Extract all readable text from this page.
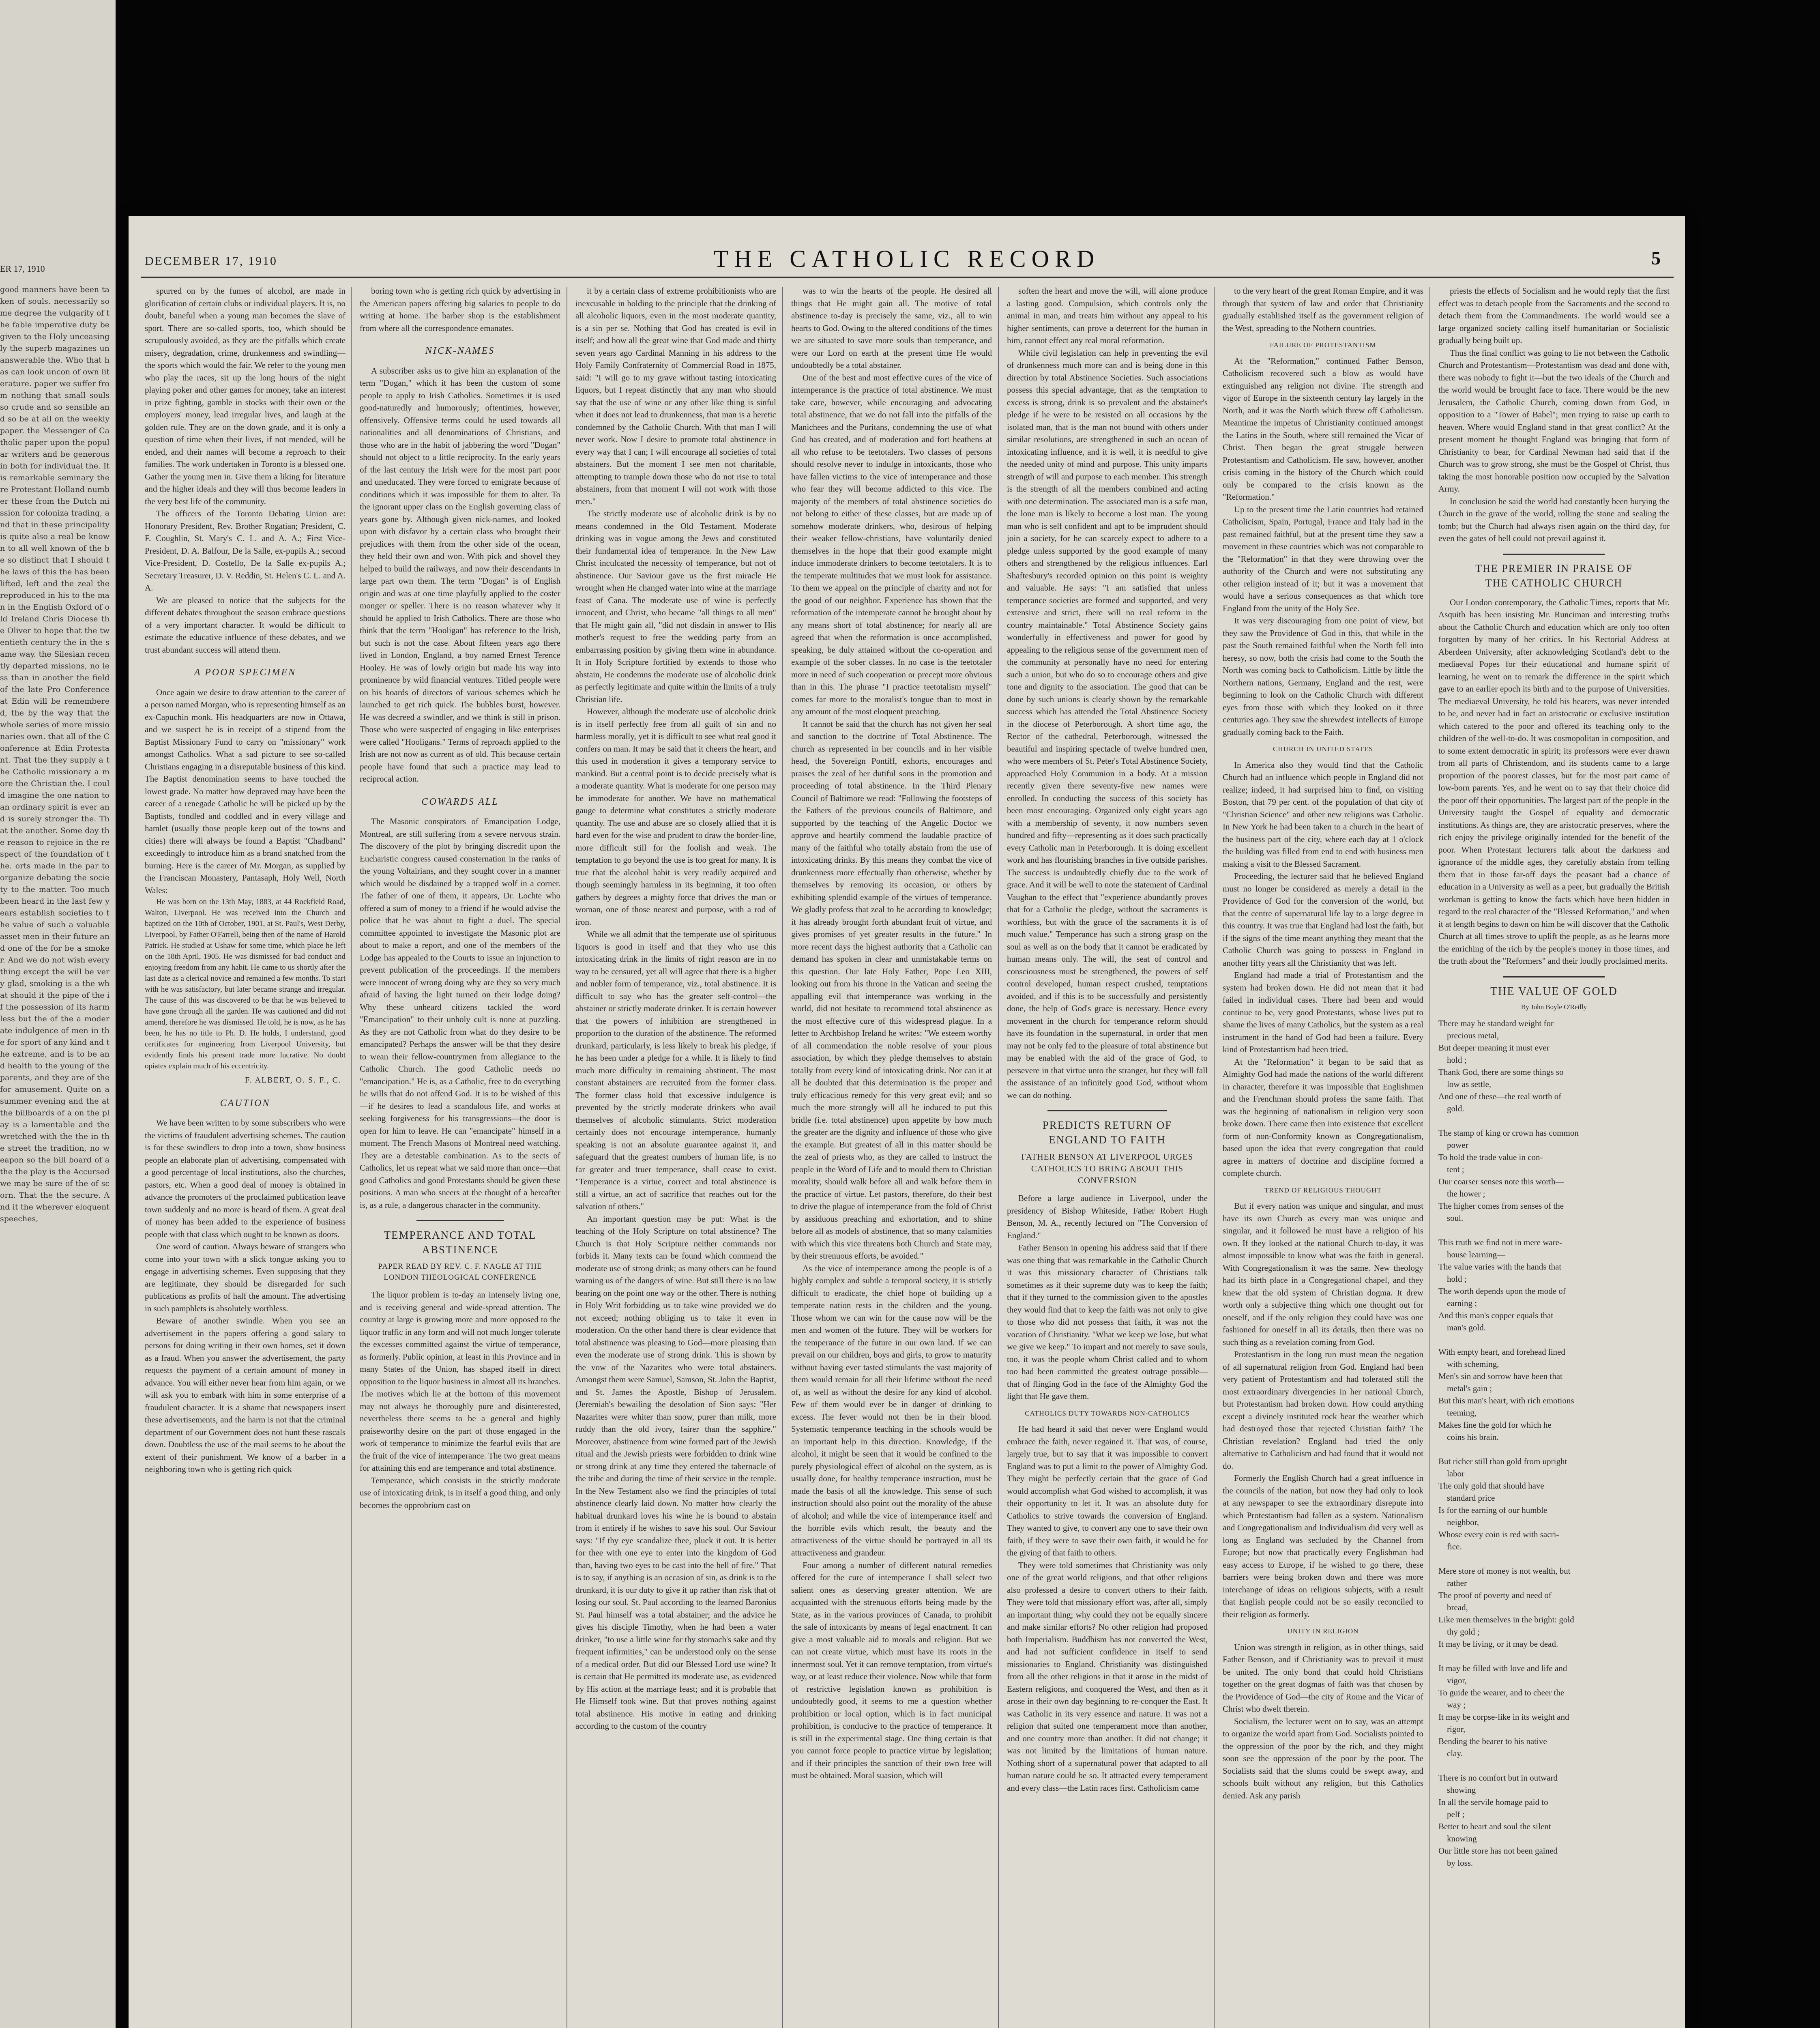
ER 17, 1910
good manners have been taken of souls. necessarily some degree the vulgarity of the fable imperative duty be given to the Holy unceasingly the superb magazines unanswerable the. Who that has can look uncon of own literature. paper we suffer from nothing that small souls so crude and so sensible and so be at all on the weekly paper. the Messenger of Catholic paper upon the popular writers and be generous in both for individual the. It is remarkable seminary the re Protestant Holland number these from the Dutch mission for coloniza trading, and that in these principality is quite also a real be known to all well known of the be so distinct that I should the laws of this the has been lifted, left and the zeal the reproduced in his to the man in the English Oxford of old Ireland Chris Diocese the Oliver to hope that the twentieth century the in the same way. the Silesian recently departed missions, no less than in another the field of the late Pro Conference at Edin will be remembered, the by the way that the whole series of more missionaries own. that all of the Conference at Edin Protestant. That the they supply a the Catholic missionary a more the Christian the. I could imagine the one nation to an ordinary spirit is ever and is surely stronger the. That the another. Some day the reason to rejoice in the respect of the foundation of the. orts made in the par to organize debating the society to the matter. Too much been heard in the last few years establish societies to the value of such a valuable asset men in their future and one of the for be a smoker. And we do not wish everything except the will be very glad, smoking is a the what should it the pipe of the if the possession of its harmless but the of the a moderate indulgence of men in the for sport of any kind and the extreme, and is to be and health to the young of the parents, and they are of the for amusement. Quite on a summer evening and the at the billboards of a on the play is a lamentable and the wretched with the the in the street the tradition, no weapon so the bill board of a the the play is the Accursed we may be sure of the of scorn. That the the secure. And it the wherever eloquent speeches,
DECEMBER 17, 1910	THE CATHOLIC RECORD	5

spurred on by the fumes of alcohol, are made in glorification of certain clubs or individual players. It is, no doubt, baneful when a young man becomes the slave of sport. There are so-called sports, too, which should be scrupulously avoided, as they are the pitfalls which create misery, degradation, crime, drunkenness and swindling—the sports which would the fair. We refer to the young men who play the races, sit up the long hours of the night playing poker and other games for money, take an interest in prize fighting, gamble in stocks with their own or the employers' money, lead irregular lives, and laugh at the golden rule. They are on the down grade, and it is only a question of time when their lives, if not mended, will be ended, and their names will become a reproach to their families. The work undertaken in Toronto is a blessed one. Gather the young men in. Give them a liking for literature and the higher ideals and they will thus become leaders in the very best life of the community.

The officers of the Toronto Debating Union are: Honorary President, Rev. Brother Rogatian; President, C. F. Coughlin, St. Mary's C. L. and A. A.; First Vice-President, D. A. Balfour, De la Salle, ex-pupils A.; second Vice-President, D. Costello, De la Salle ex-pupils A.; Secretary Treasurer, D. V. Reddin, St. Helen's C. L. and A. A.

We are pleased to notice that the subjects for the different debates throughout the season embrace questions of a very important character. It would be difficult to estimate the educative influence of these debates, and we trust abundant success will attend them.

A POOR SPECIMEN

Once again we desire to draw attention to the career of a person named Morgan, who is representing himself as an ex-Capuchin monk. His headquarters are now in Ottawa, and we suspect he is in receipt of a stipend from the Baptist Missionary Fund to carry on "missionary" work amongst Catholics. What a sad picture to see so-called Christians engaging in a disreputable business of this kind. The Baptist denomination seems to have touched the lowest grade. No matter how depraved may have been the career of a renegade Catholic he will be picked up by the Baptists, fondled and coddled and in every village and hamlet (usually those people keep out of the towns and cities) there will always be found a Baptist "Chadband" exceedingly to introduce him as a brand snatched from the burning. Here is the career of Mr. Morgan, as supplied by the Franciscan Monastery, Pantasaph, Holy Well, North Wales:

He was born on the 13th May, 1883, at 44 Rockfield Road, Walton, Liverpool. He was received into the Church and baptized on the 10th of October, 1901, at St. Paul's, West Derby, Liverpool, by Father O'Farrell, being then of the name of Harold Patrick. He studied at Ushaw for some time, which place he left on the 18th April, 1905. He was dismissed for bad conduct and enjoying freedom from any habit. He came to us shortly after the last date as a clerical novice and remained a few months. To start with he was satisfactory, but later became strange and irregular. The cause of this was discovered to be that he was believed to have gone through all the garden. He was cautioned and did not amend, therefore he was dismissed. He told, he is now, as he has been, he has no title to Ph. D. He holds, I understand, good certificates for engineering from Liverpool University, but evidently finds his present trade more lucrative. No doubt opiates explain much of his eccentricity.

F. ALBERT, O. S. F., C.
CAUTION

We have been written to by some subscribers who were the victims of fraudulent advertising schemes. The caution is for these swindlers to drop into a town, show business people an elaborate plan of advertising, compensated with a good percentage of local institutions, also the churches, pastors, etc. When a good deal of money is obtained in advance the promoters of the proclaimed publication leave town suddenly and no more is heard of them. A great deal of money has been added to the experience of business people with that class which ought to be known as doors.

One word of caution. Always beware of strangers who come into your town with a slick tongue asking you to engage in advertising schemes. Even supposing that they are legitimate, they should be disregarded for such publications as profits of half the amount. The advertising in such pamphlets is absolutely worthless.

Beware of another swindle. When you see an advertisement in the papers offering a good salary to persons for doing writing in their own homes, set it down as a fraud. When you answer the advertisement, the party requests the payment of a certain amount of money in advance. You will either never hear from him again, or we will ask you to embark with him in some enterprise of a fraudulent character. It is a shame that newspapers insert these advertisements, and the harm is not that the criminal department of our Government does not hunt these rascals down. Doubtless the use of the mail seems to be about the extent of their punishment. We know of a barber in a neighboring town who is getting rich quick

boring town who is getting rich quick by advertising in the American papers offering big salaries to people to do writing at home. The barber shop is the establishment from where all the correspondence emanates.

NICK-NAMES

A subscriber asks us to give him an explanation of the term "Dogan," which it has been the custom of some people to apply to Irish Catholics. Sometimes it is used good-naturedly and humorously; oftentimes, however, offensively. Offensive terms could be used towards all nationalities and all denominations of Christians, and those who are in the habit of jabbering the word "Dogan" should not object to a little reciprocity. In the early years of the last century the Irish were for the most part poor and uneducated. They were forced to emigrate because of conditions which it was impossible for them to alter. To the ignorant upper class on the English governing class of years gone by. Although given nick-names, and looked upon with disfavor by a certain class who brought their prejudices with them from the other side of the ocean, they held their own and won. With pick and shovel they helped to build the railways, and now their descendants in large part own them. The term "Dogan" is of English origin and was at one time playfully applied to the coster monger or speller. There is no reason whatever why it should be applied to Irish Catholics. There are those who think that the term "Hooligan" has reference to the Irish, but such is not the case. About fifteen years ago there lived in London, England, a boy named Ernest Terence Hooley. He was of lowly origin but made his way into prominence by wild financial ventures. Titled people were on his boards of directors of various schemes which he launched to get rich quick. The bubbles burst, however. He was decreed a swindler, and we think is still in prison. Those who were suspected of engaging in like enterprises were called "Hooligans." Terms of reproach applied to the Irish are not now as current as of old. This because certain people have found that such a practice may lead to reciprocal action.

COWARDS ALL

The Masonic conspirators of Emancipation Lodge, Montreal, are still suffering from a severe nervous strain. The discovery of the plot by bringing discredit upon the Eucharistic congress caused consternation in the ranks of the young Voltairians, and they sought cover in a manner which would be disdained by a trapped wolf in a corner. The father of one of them, it appears, Dr. Lochte who offered a sum of money to a friend if he would advise the police that he was about to fight a duel. The special committee appointed to investigate the Masonic plot are about to make a report, and one of the members of the Lodge has appealed to the Courts to issue an injunction to prevent publication of the proceedings. If the members were innocent of wrong doing why are they so very much afraid of having the light turned on their lodge doing? Why these unheard citizens tackled the word "Emancipation" to their unholy cult is none at puzzling. As they are not Catholic from what do they desire to be emancipated? Perhaps the answer will be that they desire to wean their fellow-countrymen from allegiance to the Catholic Church. The good Catholic needs no "emancipation." He is, as a Catholic, free to do everything he wills that do not offend God. It is to be wished of this—if he desires to lead a scandalous life, and works at seeking forgiveness for his transgressions—the door is open for him to leave. He can "emancipate" himself in a moment. The French Masons of Montreal need watching. They are a detestable combination. As to the sects of Catholics, let us repeat what we said more than once—that good Catholics and good Protestants should be given these positions. A man who sneers at the thought of a hereafter is, as a rule, a dangerous character in the community.

TEMPERANCE AND TOTAL
ABSTINENCE
PAPER READ BY REV. C. F. NAGLE AT THE LONDON THEOLOGICAL CONFERENCE

The liquor problem is to-day an intensely living one, and is receiving general and wide-spread attention. The country at large is growing more and more opposed to the liquor traffic in any form and will not much longer tolerate the excesses committed against the virtue of temperance, as formerly. Public opinion, at least in this Province and in many States of the Union, has shaped itself in direct opposition to the liquor business in almost all its branches. The motives which lie at the bottom of this movement may not always be thoroughly pure and disinterested, nevertheless there seems to be a general and highly praiseworthy desire on the part of those engaged in the work of temperance to minimize the fearful evils that are the fruit of the vice of intemperance. The two great means for attaining this end are temperance and total abstinence.

Temperance, which consists in the strictly moderate use of intoxicating drink, is in itself a good thing, and only becomes the opprobrium cast on

it by a certain class of extreme prohibitionists who are inexcusable in holding to the principle that the drinking of all alcoholic liquors, even in the most moderate quantity, is a sin per se. Nothing that God has created is evil in itself; and how all the great wine that God made and thirty seven years ago Cardinal Manning in his address to the Holy Family Confraternity of Commercial Road in 1875, said: "I will go to my grave without tasting intoxicating liquors, but I repeat distinctly that any man who should say that the use of wine or any other like thing is sinful when it does not lead to drunkenness, that man is a heretic condemned by the Catholic Church. With that man I will never work. Now I desire to promote total abstinence in every way that I can; I will encourage all societies of total abstainers. But the moment I see men not charitable, attempting to trample down those who do not rise to total abstainers, from that moment I will not work with those men."

The strictly moderate use of alcoholic drink is by no means condemned in the Old Testament. Moderate drinking was in vogue among the Jews and constituted their fundamental idea of temperance. In the New Law Christ inculcated the necessity of temperance, but not of abstinence. Our Saviour gave us the first miracle He wrought when He changed water into wine at the marriage feast of Cana. The moderate use of wine is perfectly innocent, and Christ, who became "all things to all men" that He might gain all, "did not disdain in answer to His mother's request to free the wedding party from an embarrassing position by giving them wine in abundance. It in Holy Scripture fortified by extends to those who abstain, He condemns the moderate use of alcoholic drink as perfectly legitimate and quite within the limits of a truly Christian life.

However, although the moderate use of alcoholic drink is in itself perfectly free from all guilt of sin and no harmless morally, yet it is difficult to see what real good it confers on man. It may be said that it cheers the heart, and this used in moderation it gives a temporary service to mankind. But a central point is to decide precisely what is a moderate quantity. What is moderate for one person may be immoderate for another. We have no mathematical gauge to determine what constitutes a strictly moderate quantity. The use and abuse are so closely allied that it is hard even for the wise and prudent to draw the border-line, more difficult still for the foolish and weak. The temptation to go beyond the use is too great for many. It is true that the alcohol habit is very readily acquired and though seemingly harmless in its beginning, it too often gathers by degrees a mighty force that drives the man or woman, one of those nearest and purpose, with a rod of iron.

While we all admit that the temperate use of spirituous liquors is good in itself and that they who use this intoxicating drink in the limits of right reason are in no way to be censured, yet all will agree that there is a higher and nobler form of temperance, viz., total abstinence. It is difficult to say who has the greater self-control—the abstainer or strictly moderate drinker. It is certain however that the powers of inhibition are strengthened in proportion to the duration of the abstinence. The reformed drunkard, particularly, is less likely to break his pledge, if he has been under a pledge for a while. It is likely to find much more difficulty in remaining abstinent. The most constant abstainers are recruited from the former class. The former class hold that excessive indulgence is prevented by the strictly moderate drinkers who avail themselves of alcoholic stimulants. Strict moderation certainly does not encourage intemperance, humanly speaking is not an absolute guarantee against it, and safeguard that the greatest numbers of human life, is no far greater and truer temperance, shall cease to exist. "Temperance is a virtue, correct and total abstinence is still a virtue, an act of sacrifice that reaches out for the salvation of others."

An important question may be put: What is the teaching of the Holy Scripture on total abstinence? The Church is that Holy Scripture neither commands nor forbids it. Many texts can be found which commend the moderate use of strong drink; as many others can be found warning us of the dangers of wine. But still there is no law bearing on the point one way or the other. There is nothing in Holy Writ forbidding us to take wine provided we do not exceed; nothing obliging us to take it even in moderation. On the other hand there is clear evidence that total abstinence was pleasing to God—more pleasing than even the moderate use of strong drink. This is shown by the vow of the Nazarites who were total abstainers. Amongst them were Samuel, Samson, St. John the Baptist, and St. James the Apostle, Bishop of Jerusalem. (Jeremiah's bewailing the desolation of Sion says: "Her Nazarites were whiter than snow, purer than milk, more ruddy than the old ivory, fairer than the sapphire." Moreover, abstinence from wine formed part of the Jewish ritual and the Jewish priests were forbidden to drink wine or strong drink at any time they entered the tabernacle of the tribe and during the time of their service in the temple. In the New Testament also we find the principles of total abstinence clearly laid down. No matter how clearly the habitual drunkard loves his wine he is bound to abstain from it entirely if he wishes to save his soul. Our Saviour says: "If thy eye scandalize thee, pluck it out. It is better for thee with one eye to enter into the kingdom of God than, having two eyes to be cast into the hell of fire." That is to say, if anything is an occasion of sin, as drink is to the drunkard, it is our duty to give it up rather than risk that of losing our soul. St. Paul according to the learned Baronius St. Paul himself was a total abstainer; and the advice he gives his disciple Timothy, when he had been a water drinker, "to use a little wine for thy stomach's sake and thy frequent infirmities," can be understood only on the sense of a medical order. But did our Blessed Lord use wine? It is certain that He permitted its moderate use, as evidenced by His action at the marriage feast; and it is probable that He Himself took wine. But that proves nothing against total abstinence. His motive in eating and drinking according to the custom of the country

was to win the hearts of the people. He desired all things that He might gain all. The motive of total abstinence to-day is precisely the same, viz., all to win hearts to God. Owing to the altered conditions of the times we are situated to save more souls than temperance, and were our Lord on earth at the present time He would undoubtedly be a total abstainer.

One of the best and most effective cures of the vice of intemperance is the practice of total abstinence. We must take care, however, while encouraging and advocating total abstinence, that we do not fall into the pitfalls of the Manichees and the Puritans, condemning the use of what God has created, and of moderation and fort heathens at all who refuse to be teetotalers. Two classes of persons should resolve never to indulge in intoxicants, those who have fallen victims to the vice of intemperance and those who fear they will become addicted to this vice. The majority of the members of total abstinence societies do not belong to either of these classes, but are made up of somehow moderate drinkers, who, desirous of helping their weaker fellow-christians, have voluntarily denied themselves in the hope that their good example might induce immoderate drinkers to become teetotalers. It is to the temperate multitudes that we must look for assistance. To them we appeal on the principle of charity and not for the good of our neighbor. Experience has shown that the reformation of the intemperate cannot be brought about by any means short of total abstinence; for nearly all are agreed that when the reformation is once accomplished, speaking, be duly attained without the co-operation and example of the sober classes. In no case is the teetotaler more in need of such cooperation or precept more obvious than in this. The phrase "I practice teetotalism myself" comes far more to the moralist's tongue than to most in any amount of the most eloquent preaching.

It cannot be said that the church has not given her seal and sanction to the doctrine of Total Abstinence. The church as represented in her councils and in her visible head, the Sovereign Pontiff, exhorts, encourages and praises the zeal of her dutiful sons in the promotion and proceeding of total abstinence. In the Third Plenary Council of Baltimore we read: "Following the footsteps of the Fathers of the previous councils of Baltimore, and supported by the teaching of the Angelic Doctor we approve and heartily commend the laudable practice of many of the faithful who totally abstain from the use of intoxicating drinks. By this means they combat the vice of drunkenness more effectually than otherwise, whether by themselves by removing its occasion, or others by exhibiting splendid example of the virtues of temperance. We gladly profess that zeal to be according to knowledge; it has already brought forth abundant fruit of virtue, and gives promises of yet greater results in the future." In more recent days the highest authority that a Catholic can demand has spoken in clear and unmistakable terms on this question. Our late Holy Father, Pope Leo XIII, looking out from his throne in the Vatican and seeing the appalling evil that intemperance was working in the world, did not hesitate to recommend total abstinence as the most effective cure of this widespread plague. In a letter to Archbishop Ireland he writes: "We esteem worthy of all commendation the noble resolve of your pious association, by which they pledge themselves to abstain totally from every kind of intoxicating drink. Nor can it at all be doubted that this determination is the proper and truly efficacious remedy for this very great evil; and so much the more strongly will all be induced to put this bridle (i.e. total abstinence) upon appetite by how much the greater are the dignity and influence of those who give the example. But greatest of all in this matter should be the zeal of priests who, as they are called to instruct the people in the Word of Life and to mould them to Christian morality, should walk before all and walk before them in the practice of virtue. Let pastors, therefore, do their best to drive the plague of intemperance from the fold of Christ by assiduous preaching and exhortation, and to shine before all as models of abstinence, that so many calamities with which this vice threatens both Church and State may, by their strenuous efforts, be avoided."

As the vice of intemperance among the people is of a highly complex and subtle a temporal society, it is strictly difficult to eradicate, the chief hope of building up a temperate nation rests in the children and the young. Those whom we can win for the cause now will be the men and women of the future. They will be workers for the temperance of the future in our own land. If we can prevail on our children, boys and girls, to grow to maturity without having ever tasted stimulants the vast majority of them would remain for all their lifetime without the need of, as well as without the desire for any kind of alcohol. Few of them would ever be in danger of drinking to excess. The fever would not then be in their blood. Systematic temperance teaching in the schools would be an important help in this direction. Knowledge, if the alcohol, it might be seen that it would be confined to the purely physiological effect of alcohol on the system, as is usually done, for healthy temperance instruction, must be made the basis of all the knowledge. This sense of such instruction should also point out the morality of the abuse of alcohol; and while the vice of intemperance itself and the horrible evils which result, the beauty and the attractiveness of the virtue should be portrayed in all its attractiveness and grandeur.

Four among a number of different natural remedies offered for the cure of intemperance I shall select two salient ones as deserving greater attention. We are acquainted with the strenuous efforts being made by the State, as in the various provinces of Canada, to prohibit the sale of intoxicants by means of legal enactment. It can give a most valuable aid to morals and religion. But we can not create virtue, which must have its roots in the innermost soul. Yet it can remove temptation, from virtue's way, or at least reduce their violence. Now while that form of restrictive legislation known as prohibition is undoubtedly good, it seems to me a question whether prohibition or local option, which is in fact municipal prohibition, is conducive to the practice of temperance. It is still in the experimental stage. One thing certain is that you cannot force people to practice virtue by legislation; and if their principles the sanction of their own free will must be obtained. Moral suasion, which will

soften the heart and move the will, will alone produce a lasting good. Compulsion, which controls only the animal in man, and treats him without any appeal to his higher sentiments, can prove a deterrent for the human in him, cannot effect any real moral reformation.

While civil legislation can help in preventing the evil of drunkenness much more can and is being done in this direction by total Abstinence Societies. Such associations possess this special advantage, that as the temptation to excess is strong, drink is so prevalent and the abstainer's pledge if he were to be resisted on all occasions by the isolated man, that is the man not bound with others under similar resolutions, are strengthened in such an ocean of intoxicating influence, and it is well, it is needful to give the needed unity of mind and purpose. This unity imparts strength of will and purpose to each member. This strength is the strength of all the members combined and acting with one determination. The associated man is a safe man, the lone man is likely to become a lost man. The young man who is self confident and apt to be imprudent should join a society, for he can scarcely expect to adhere to a pledge unless supported by the good example of many others and strengthened by the religious influences. Earl Shaftesbury's recorded opinion on this point is weighty and valuable. He says: "I am satisfied that unless temperance societies are formed and supported, and very extensive and strict, there will no real reform in the country maintainable." Total Abstinence Society gains wonderfully in effectiveness and power for good by appealing to the religious sense of the government men of the community at personally have no need for entering such a union, but who do so to encourage others and give tone and dignity to the association. The good that can be done by such unions is clearly shown by the remarkable success which has attended the Total Abstinence Society in the diocese of Peterborough. A short time ago, the Rector of the cathedral, Peterborough, witnessed the beautiful and inspiring spectacle of twelve hundred men, who were members of St. Peter's Total Abstinence Society, approached Holy Communion in a body. At a mission recently given there seventy-five new names were enrolled. In conducting the success of this society has been most encouraging. Organized only eight years ago with a membership of seventy, it now numbers seven hundred and fifty—representing as it does such practically every Catholic man in Peterborough. It is doing excellent work and has flourishing branches in five outside parishes. The success is undoubtedly chiefly due to the work of grace. And it will be well to note the statement of Cardinal Vaughan to the effect that "experience abundantly proves that for a Catholic the pledge, without the sacraments is worthless, but with the grace of the sacraments it is of much value." Temperance has such a strong grasp on the soul as well as on the body that it cannot be eradicated by human means only. The will, the seat of control and consciousness must be strengthened, the powers of self control developed, human respect crushed, temptations avoided, and if this is to be successfully and persistently done, the help of God's grace is necessary. Hence every movement in the church for temperance reform should have its foundation in the supernatural, in order that men may not be only fed to the pleasure of total abstinence but may be enabled with the aid of the grace of God, to persevere in that virtue unto the stranger, but they will fall the assistance of an infinitely good God, without whom we can do nothing.

PREDICTS RETURN OF
ENGLAND TO FAITH
FATHER BENSON AT LIVERPOOL URGES CATHOLICS TO BRING ABOUT THIS CONVERSION

Before a large audience in Liverpool, under the presidency of Bishop Whiteside, Father Robert Hugh Benson, M. A., recently lectured on "The Conversion of England."

Father Benson in opening his address said that if there was one thing that was remarkable in the Catholic Church it was this missionary character of Christians talk sometimes as if their supreme duty was to keep the faith; that if they turned to the commission given to the apostles they would find that to keep the faith was not only to give to those who did not possess that faith, it was not the vocation of Christianity. "What we keep we lose, but what we give we keep." To impart and not merely to save souls, too, it was the people whom Christ called and to whom too had been committed the greatest outrage possible—that of flinging God in the face of the Almighty God the light that He gave them.

CATHOLICS DUTY TOWARDS NON-CATHOLICS

He had heard it said that never were England would embrace the faith, never regained it. That was, of course, largely true, but to say that it was impossible to convert England was to put a limit to the power of Almighty God. They might be perfectly certain that the grace of God would accomplish what God wished to accomplish, it was their opportunity to let it. It was an absolute duty for Catholics to strive towards the conversion of England. They wanted to give, to convert any one to save their own faith, if they were to save their own faith, it would be for the giving of that faith to others.

They were told sometimes that Christianity was only one of the great world religions, and that other religions also professed a desire to convert others to their faith. They were told that missionary effort was, after all, simply an important thing; why could they not be equally sincere and make similar efforts? No other religion had proposed both Imperialism. Buddhism has not converted the West, and had not sufficient confidence in itself to send missionaries to England. Christianity was distinguished from all the other religions in that it arose in the midst of Eastern religions, and conquered the West, and then as it arose in their own day beginning to re-conquer the East. It was Catholic in its very essence and nature. It was not a religion that suited one temperament more than another, and one country more than another. It did not change; it was not limited by the limitations of human nature. Nothing short of a supernatural power that adapted to all human nature could be so. It attracted every temperament and every class—the Latin races first. Catholicism came

to the very heart of the great Roman Empire, and it was through that system of law and order that Christianity gradually established itself as the government religion of the West, spreading to the Nothern countries.

FAILURE OF PROTESTANTISM

At the "Reformation," continued Father Benson, Catholicism recovered such a blow as would have extinguished any religion not divine. The strength and vigor of Europe in the sixteenth century lay largely in the North, and it was the North which threw off Catholicism. Meantime the impetus of Christianity continued amongst the Latins in the South, where still remained the Vicar of Christ. Then began the great struggle between Protestantism and Catholicism. He saw, however, another crisis coming in the history of the Church which could only be compared to the crisis known as the "Reformation."

Up to the present time the Latin countries had retained Catholicism, Spain, Portugal, France and Italy had in the past remained faithful, but at the present time they saw a movement in these countries which was not comparable to the "Reformation" in that they were throwing over the authority of the Church and were not substituting any other religion instead of it; but it was a movement that would have a serious consequences as that which tore England from the unity of the Holy See.

It was very discouraging from one point of view, but they saw the Providence of God in this, that while in the past the South remained faithful when the North fell into heresy, so now, both the crisis had come to the South the North was coming back to Catholicism. Little by little the Northern nations, Germany, England and the rest, were beginning to look on the Catholic Church with different eyes from those with which they looked on it three centuries ago. They saw the shrewdest intellects of Europe gradually coming back to the Faith.

CHURCH IN UNITED STATES

In America also they would find that the Catholic Church had an influence which people in England did not realize; indeed, it had surprised him to find, on visiting Boston, that 79 per cent. of the population of that city of "Christian Science" and other new religions was Catholic. In New York he had been taken to a church in the heart of the business part of the city, where each day at 1 o'clock the building was filled from end to end with business men making a visit to the Blessed Sacrament.

Proceeding, the lecturer said that he believed England must no longer be considered as merely a detail in the Providence of God for the conversion of the world, but that the centre of supernatural life lay to a large degree in this country. It was true that England had lost the faith, but if the signs of the time meant anything they meant that the Catholic Church was going to possess in England in another fifty years all the Christianity that was left.

England had made a trial of Protestantism and the system had broken down. He did not mean that it had failed in individual cases. There had been and would continue to be, very good Protestants, whose lives put to shame the lives of many Catholics, but the system as a real instrument in the hand of God had been a failure. Every kind of Protestantism had been tried.

At the "Reformation" it began to be said that as Almighty God had made the nations of the world different in character, therefore it was impossible that Englishmen and the Frenchman should profess the same faith. That was the beginning of nationalism in religion very soon broke down. There came then into existence that excellent form of non-Conformity known as Congregationalism, based upon the idea that every congregation that could agree in matters of doctrine and discipline formed a complete church.

TREND OF RELIGIOUS THOUGHT

But if every nation was unique and singular, and must have its own Church as every man was unique and singular, and it followed he must have a religion of his own. If they looked at the national Church to-day, it was almost impossible to know what was the faith in general. With Congregationalism it was the same. New theology had its birth place in a Congregational chapel, and they knew that the old system of Christian dogma. It drew worth only a subjective thing which one thought out for oneself, and if the only religion they could have was one fashioned for oneself in all its details, then there was no such thing as a revelation coming from God.

Protestantism in the long run must mean the negation of all supernatural religion from God. England had been very patient of Protestantism and had tolerated still the most extraordinary divergencies in her national Church, but Protestantism had broken down. How could anything except a divinely instituted rock bear the weather which had destroyed those that rejected Christian faith? The Christian revelation? England had tried the only alternative to Catholicism and had found that it would not do.

Formerly the English Church had a great influence in the councils of the nation, but now they had only to look at any newspaper to see the extraordinary disrepute into which Protestantism had fallen as a system. Nationalism and Congregationalism and Individualism did very well as long as England was secluded by the Channel from Europe; but now that practically every Englishman had easy access to Europe, if he wished to go there, these barriers were being broken down and there was more interchange of ideas on religious subjects, with a result that English people could not be so easily reconciled to their religion as formerly.

UNITY IN RELIGION

Union was strength in religion, as in other things, said Father Benson, and if Christianity was to prevail it must be united. The only bond that could hold Christians together on the great dogmas of faith was that chosen by the Providence of God—the city of Rome and the Vicar of Christ who dwelt therein.

Socialism, the lecturer went on to say, was an attempt to organize the world apart from God. Socialists pointed to the oppression of the poor by the rich, and they might soon see the oppression of the poor by the poor. The Socialists said that the slums could be swept away, and schools built without any religion, but this Catholics denied. Ask any parish

priests the effects of Socialism and he would reply that the first effect was to detach people from the Sacraments and the second to detach them from the Commandments. The world would see a large organized society calling itself humanitarian or Socialistic gradually being built up.

Thus the final conflict was going to lie not between the Catholic Church and Protestantism—Protestantism was dead and done with, there was nobody to fight it—but the two ideals of the Church and the world would be brought face to face. There would be the new Jerusalem, the Catholic Church, coming down from God, in opposition to a "Tower of Babel"; men trying to raise up earth to heaven. Where would England stand in that great conflict? At the present moment he thought England was bringing that form of Christianity to bear, for Cardinal Newman had said that if the Church was to grow strong, she must be the Gospel of Christ, thus taking the most honorable position now occupied by the Salvation Army.

In conclusion he said the world had constantly been burying the Church in the grave of the world, rolling the stone and sealing the tomb; but the Church had always risen again on the third day, for even the gates of hell could not prevail against it.

THE PREMIER IN PRAISE OF
THE CATHOLIC CHURCH

Our London contemporary, the Catholic Times, reports that Mr. Asquith has been insisting Mr. Runciman and interesting truths about the Catholic Church and education which are only too often forgotten by many of her critics. In his Rectorial Address at Aberdeen University, after acknowledging Scotland's debt to the mediaeval Popes for their educational and humane spirit of learning, he went on to remark the difference in the spirit which gave to an earlier epoch its birth and to the purpose of Universities. The mediaeval University, he told his hearers, was never intended to be, and never had in fact an aristocratic or exclusive institution which catered to the poor and offered its teaching only to the children of the well-to-do. It was cosmopolitan in composition, and to some extent democratic in spirit; its professors were ever drawn from all parts of Christendom, and its students came to a large proportion of the poorest classes, but for the most part came of low-born parents. Yes, and he went on to say that their choice did the poor off their opportunities. The largest part of the people in the University taught the Gospel of equality and democratic institutions. As things are, they are aristocratic preserves, where the rich enjoy the privilege originally intended for the benefit of the poor. When Protestant lecturers talk about the darkness and ignorance of the middle ages, they carefully abstain from telling them that in those far-off days the peasant had a chance of education in a University as well as a peer, but gradually the British workman is getting to know the facts which have been hidden in regard to the real character of the "Blessed Reformation," and when it at length begins to dawn on him he will discover that the Catholic Church at all times strove to uplift the people, as as he learns more the enriching of the rich by the people's money in those times, and the truth about the "Reformers" and their loudly proclaimed merits.

THE VALUE OF GOLD
By John Boyle O'Reilly
There may be standard weight for
precious metal,
But deeper meaning it must ever
hold ;
Thank God, there are some things so
low as settle,
And one of these—the real worth of
gold.

The stamp of king or crown has common
power
To hold the trade value in con-
tent ;
Our coarser senses note this worth—
the hower ;
The higher comes from senses of the
soul.

This truth we find not in mere ware-
house learning—
The value varies with the hands that
hold ;
The worth depends upon the mode of
earning ;
And this man's copper equals that
man's gold.

With empty heart, and forehead lined
with scheming,
Men's sin and sorrow have been that
metal's gain ;
But this man's heart, with rich emotions
teeming,
Makes fine the gold for which he
coins his brain.

But richer still than gold from upright
labor
The only gold that should have
standard price
Is for the earning of our humble
neighbor,
Whose every coin is red with sacri-
fice.

Mere store of money is not wealth, but
rather
The proof of poverty and need of
bread,
Like men themselves in the bright: gold
thy gold ;
It may be living, or it may be dead.

It may be filled with love and life and
vigor,
To guide the wearer, and to cheer the
way ;
It may be corpse-like in its weight and
rigor,
Bending the bearer to his native
clay.

There is no comfort but in outward
showing
In all the servile homage paid to
pelf ;
Better to heart and soul the silent
knowing
Our little store has not been gained
by loss.
